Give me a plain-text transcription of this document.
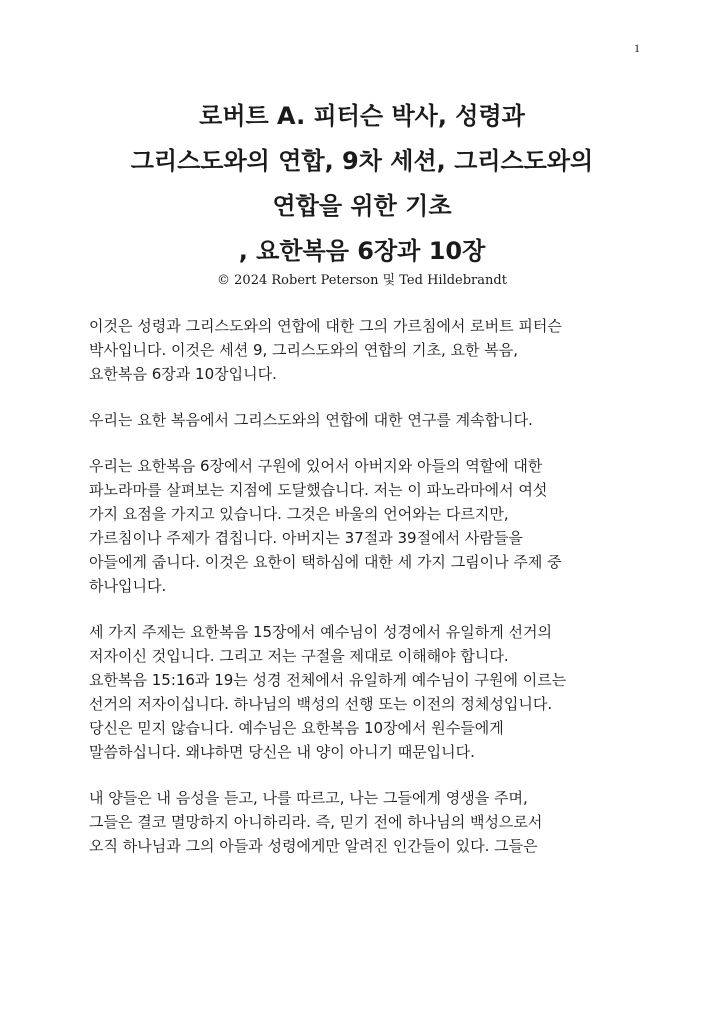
1
로버트 A. 피터슨 박사, 성령과
그리스도와의 연합, 9차 세션, 그리스도와의
연합을 위한 기초
, 요한복음 6장과 10장
© 2024 Robert Peterson 및 Ted Hildebrandt

이것은 성령과 그리스도와의 연합에 대한 그의 가르침에서 로버트 피터슨
박사입니다. 이것은 세션 9, 그리스도와의 연합의 기초, 요한 복음,
요한복음 6장과 10장입니다.

우리는 요한 복음에서 그리스도와의 연합에 대한 연구를 계속합니다.

우리는 요한복음 6장에서 구원에 있어서 아버지와 아들의 역할에 대한
파노라마를 살펴보는 지점에 도달했습니다. 저는 이 파노라마에서 여섯
가지 요점을 가지고 있습니다. 그것은 바울의 언어와는 다르지만,
가르침이나 주제가 겹칩니다. 아버지는 37절과 39절에서 사람들을
아들에게 줍니다. 이것은 요한이 택하심에 대한 세 가지 그림이나 주제 중
하나입니다.

세 가지 주제는 요한복음 15장에서 예수님이 성경에서 유일하게 선거의
저자이신 것입니다. 그리고 저는 구절을 제대로 이해해야 합니다.
요한복음 15:16과 19는 성경 전체에서 유일하게 예수님이 구원에 이르는
선거의 저자이십니다. 하나님의 백성의 선행 또는 이전의 정체성입니다.
당신은 믿지 않습니다. 예수님은 요한복음 10장에서 원수들에게
말씀하십니다. 왜냐하면 당신은 내 양이 아니기 때문입니다.

내 양들은 내 음성을 듣고, 나를 따르고, 나는 그들에게 영생을 주며,
그들은 결코 멸망하지 아니하리라. 즉, 믿기 전에 하나님의 백성으로서
오직 하나님과 그의 아들과 성령에게만 알려진 인간들이 있다. 그들은
